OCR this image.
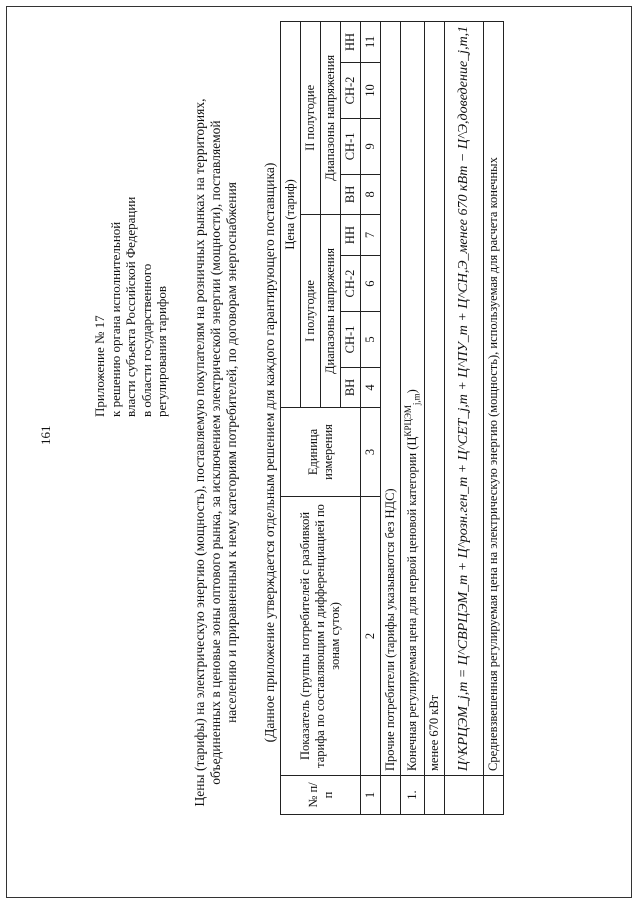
161
Приложение № 17 к решению органа исполнительной власти субъекта Российской Федерации в области государственного регулирования тарифов Цены (тарифы) на электрическую энергию (мощность), поставляемую покупателям на розничных рынках на территориях, объединенных в ценовые зоны оптового рынка, за исключением электрической энергии (мощности), поставляемой населению и приравненным к нему категориям потребителей, по договорам энергоснабжения (Данное приложение утверждается отдельным решением для каждого гарантирующего поставщика)
№ п/п	Показатель (группы потребителей с разбивкой тарифа по составляющим и дифференциацией по зонам суток)	Единица измерения	Цена (тариф)							
			I полугодие				II полугодие			
			Диапазоны напряжения				Диапазоны напряжения			
			ВН	СН-1	СН-2	НН	ВН	СН-1	СН-2	НН
1	2	3	4	5	6	7	8	9	10	11
	Прочие потребители (тарифы указываются без НДС)									
1.	Конечная регулируемая цена для первой ценовой категории $(Ц^{КРЦЭМ}_{j,m})$									
	менее 670 кВт									
	Ц^КРЦЭМ_j,m = Ц^СВРЦЭМ_m + Ц^розн.ген_m + Ц^СЕТ_j,m + Ц^ПУ_m + Ц^СН,Э_менее 670 кВт − Ц^Э,доведение_j,m,1									
	Средневзвешенная регулируемая цена на электрическую энергию (мощность), используемая для расчета конечных									
